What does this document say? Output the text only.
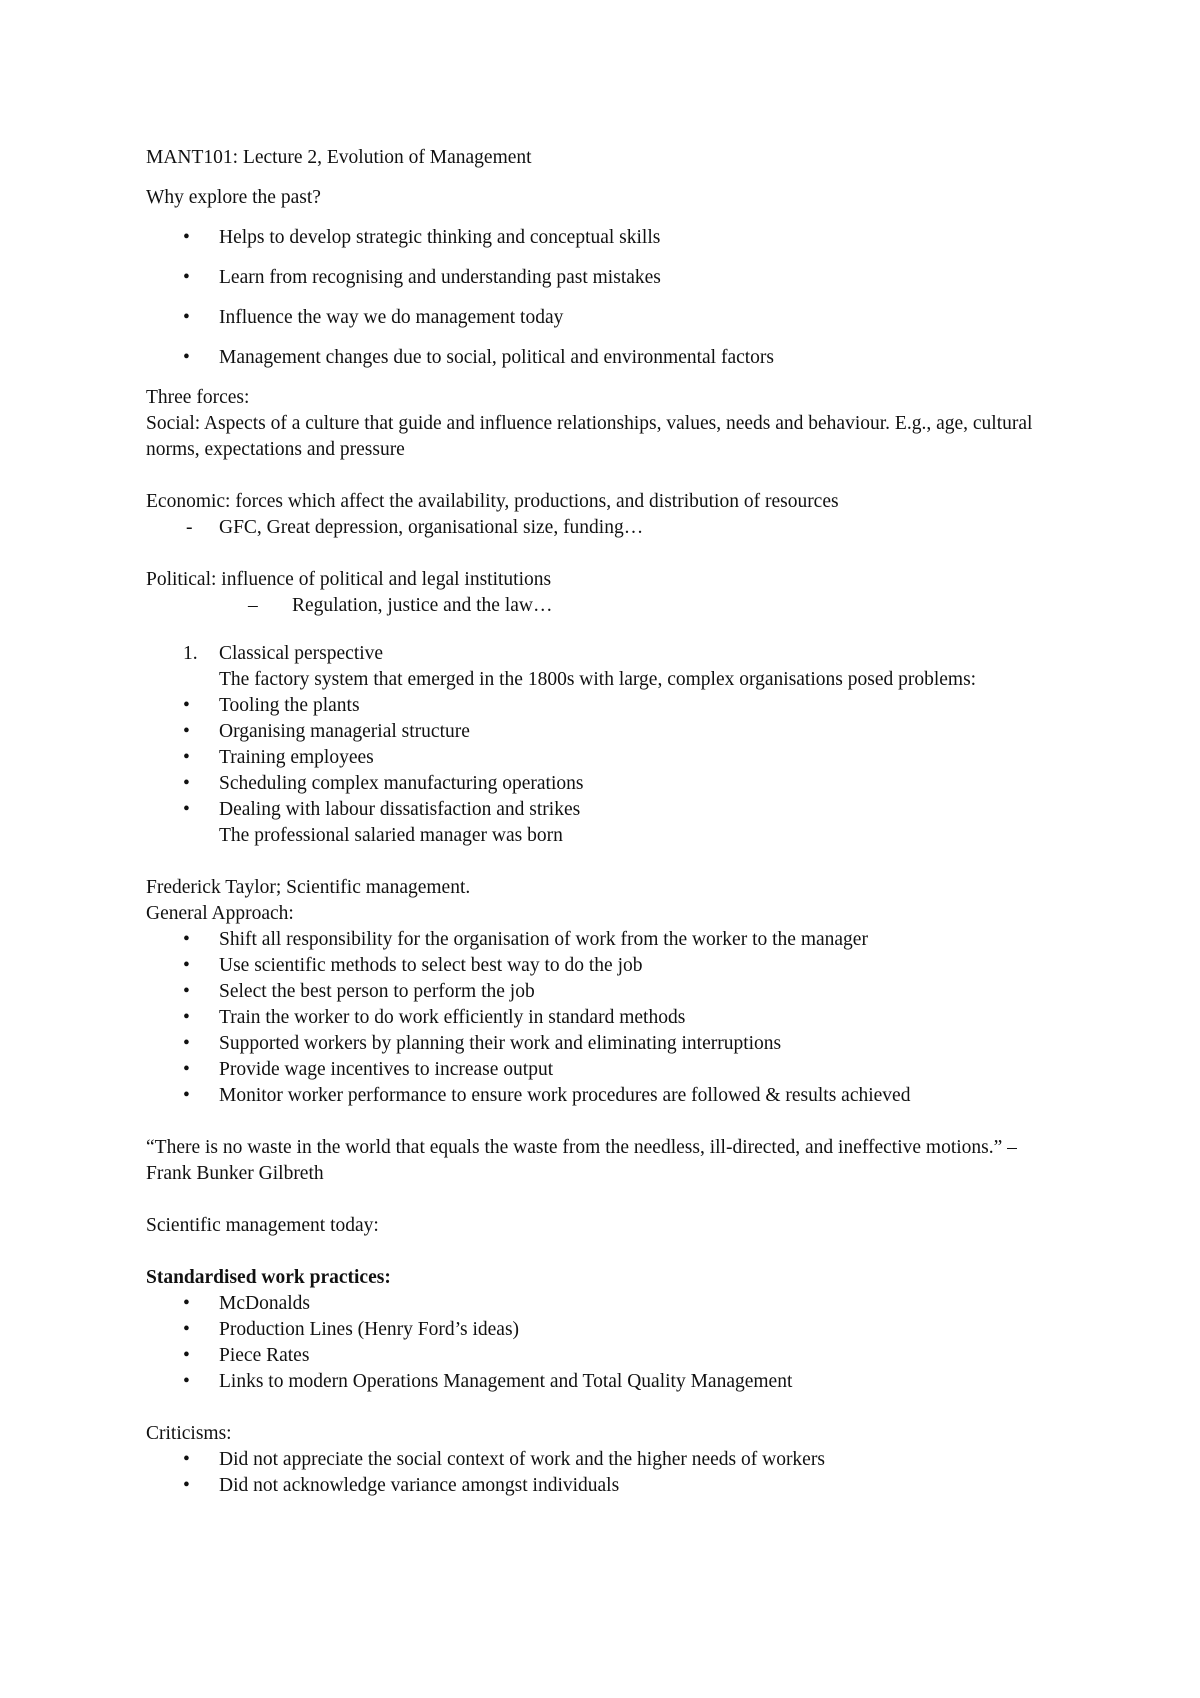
MANT101: Lecture 2, Evolution of Management

Why explore the past?

• Helps to develop strategic thinking and conceptual skills
• Learn from recognising and understanding past mistakes
• Influence the way we do management today
• Management changes due to social, political and environmental factors

Three forces:

Social: Aspects of a culture that guide and influence relationships, values, needs and behaviour. E.g., age, cultural norms, expectations and pressure

Economic: forces which affect the availability, productions, and distribution of resources

- GFC, Great depression, organisational size, funding…

Political: influence of political and legal institutions

– Regulation, justice and the law…
1. Classical perspective
The factory system that emerged in the 1800s with large, complex organisations posed problems:
• Tooling the plants
• Organising managerial structure
• Training employees
• Scheduling complex manufacturing operations
• Dealing with labour dissatisfaction and strikes
The professional salaried manager was born

Frederick Taylor; Scientific management.

General Approach:

• Shift all responsibility for the organisation of work from the worker to the manager
• Use scientific methods to select best way to do the job
• Select the best person to perform the job
• Train the worker to do work efficiently in standard methods
• Supported workers by planning their work and eliminating interruptions
• Provide wage incentives to increase output
• Monitor worker performance to ensure work procedures are followed & results achieved

“There is no waste in the world that equals the waste from the needless, ill-directed, and ineffective motions.” – Frank Bunker Gilbreth

Scientific management today:

Standardised work practices:

• McDonalds
• Production Lines (Henry Ford’s ideas)
• Piece Rates
• Links to modern Operations Management and Total Quality Management

Criticisms:

• Did not appreciate the social context of work and the higher needs of workers
• Did not acknowledge variance amongst individuals
